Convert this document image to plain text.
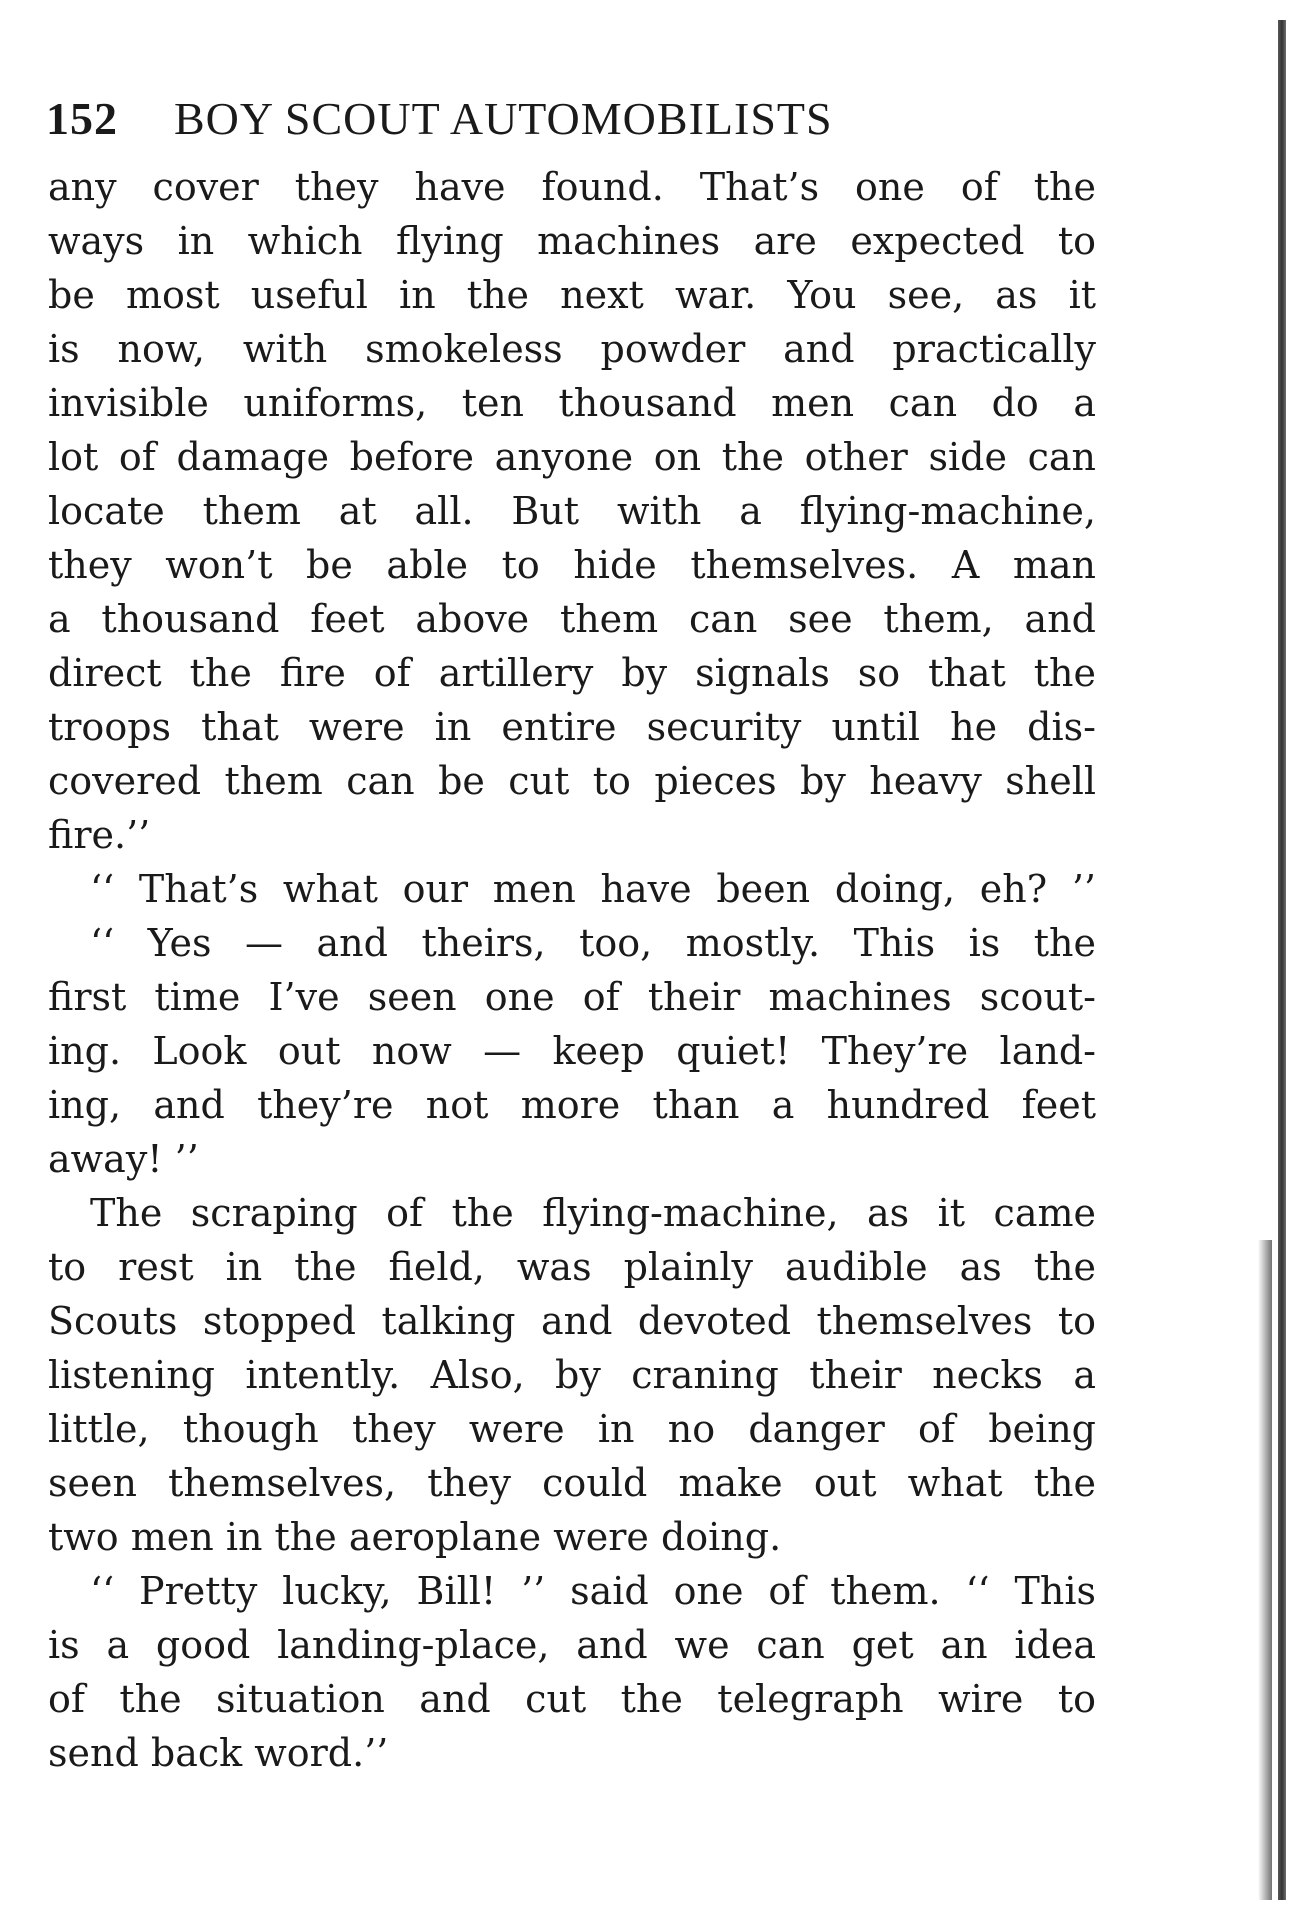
152 BOY SCOUT AUTOMOBILISTS
any cover they have found. That’s one of the
ways in which flying machines are expected to
be most useful in the next war. You see, as it
is now, with smokeless powder and practically
invisible uniforms, ten thousand men can do a
lot of damage before anyone on the other side can
locate them at all. But with a flying-machine,
they won’t be able to hide themselves. A man
a thousand feet above them can see them, and
direct the fire of artillery by signals so that the
troops that were in entire security until he dis-
covered them can be cut to pieces by heavy shell
fire.’’
‘‘ That’s what our men have been doing, eh? ’’
‘‘ Yes — and theirs, too, mostly. This is the
first time I’ve seen one of their machines scout-
ing. Look out now — keep quiet! They’re land-
ing, and they’re not more than a hundred feet
away! ’’
The scraping of the flying-machine, as it came
to rest in the field, was plainly audible as the
Scouts stopped talking and devoted themselves to
listening intently. Also, by craning their necks a
little, though they were in no danger of being
seen themselves, they could make out what the
two men in the aeroplane were doing.
‘‘ Pretty lucky, Bill! ’’ said one of them. ‘‘ This
is a good landing-place, and we can get an idea
of the situation and cut the telegraph wire to
send back word.’’
